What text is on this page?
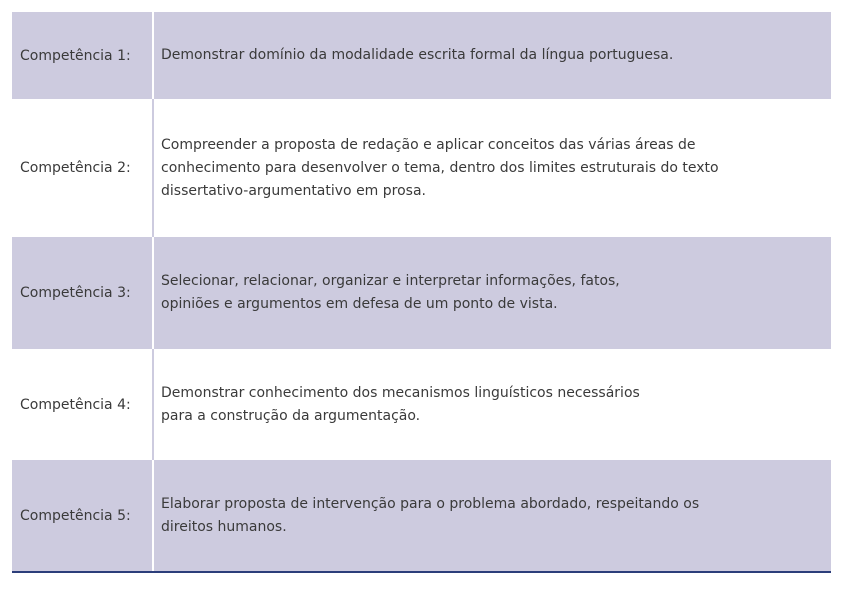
Competência 1:	Demonstrar domínio da modalidade escrita formal da língua portuguesa.
Competência 2:
Compreender a proposta de redação e aplicar conceitos das várias áreas de
conhecimento para desenvolver o tema, dentro dos limites estruturais do texto
dissertativo-argumentativo em prosa.
Competência 3:
Selecionar, relacionar, organizar e interpretar informações, fatos,
opiniões e argumentos em defesa de um ponto de vista.
Competência 4:
Demonstrar conhecimento dos mecanismos linguísticos necessários
para a construção da argumentação.
Competência 5:
Elaborar proposta de intervenção para o problema abordado, respeitando os
direitos humanos.
